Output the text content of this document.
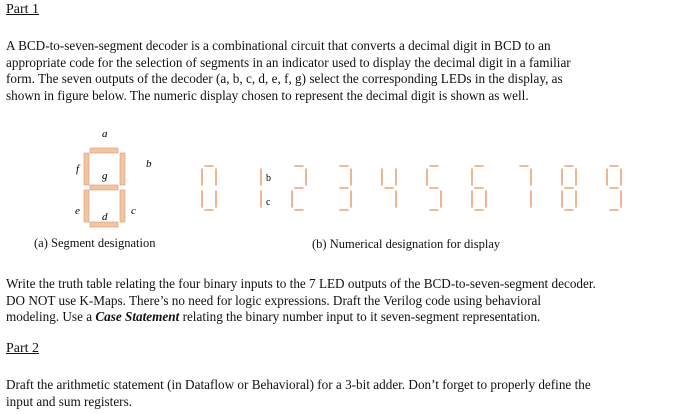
Part 1
A BCD-to-seven-segment decoder is a combinational circuit that converts a decimal digit in BCD to an
appropriate code for the selection of segments in an indicator used to display the decimal digit in a familiar
form. The seven outputs of the decoder (a, b, c, d, e, f, g) select the corresponding LEDs in the display, as
shown in figure below. The numeric display chosen to represent the decimal digit is shown as well.
a
f	b
g
e d c
b
c
(a) Segment designation	(b) Numerical designation for display
Write the truth table relating the four binary inputs to the 7 LED outputs of the BCD-to-seven-segment decoder.
DO NOT use K-Maps. There’s no need for logic expressions. Draft the Verilog code using behavioral
modeling. Use a Case Statement relating the binary number input to it seven-segment representation.
Part 2
Draft the arithmetic statement (in Dataflow or Behavioral) for a 3-bit adder. Don’t forget to properly define the
input and sum registers.
